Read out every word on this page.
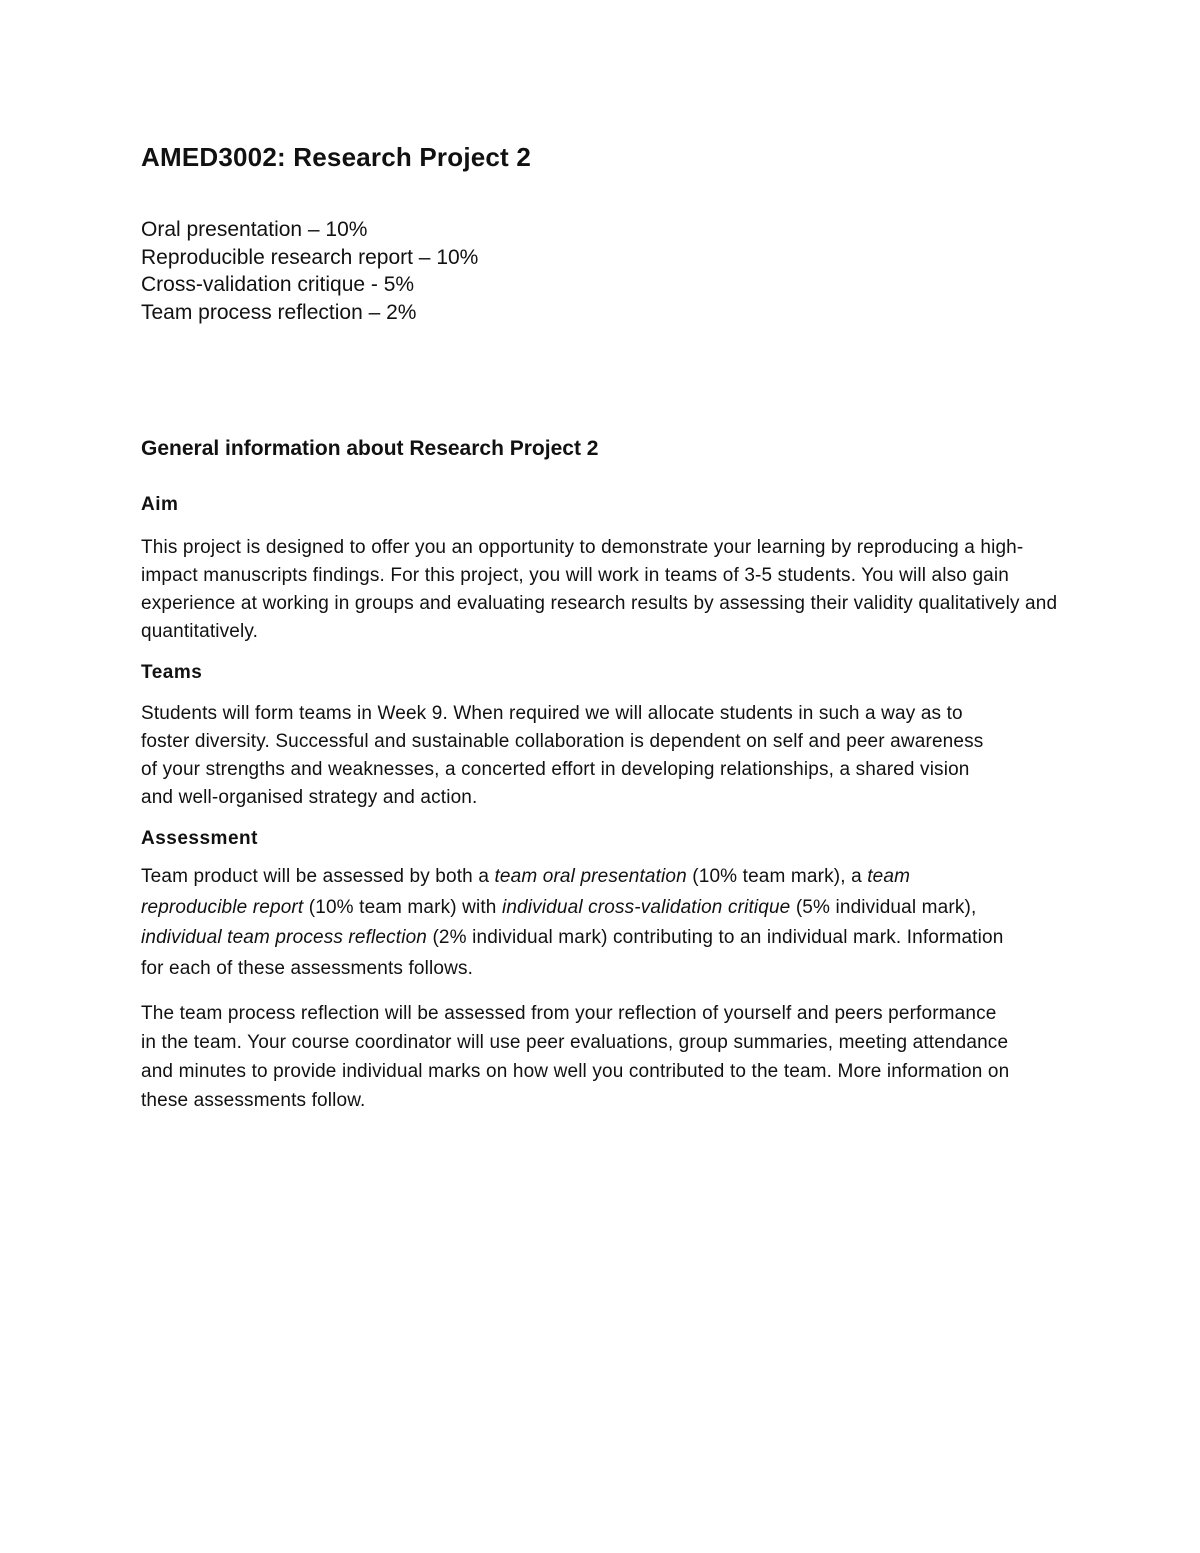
AMED3002: Research Project 2
Oral presentation – 10%
Reproducible research report – 10%
Cross-validation critique - 5%
Team process reflection – 2%
General information about Research Project 2
Aim

This project is designed to offer you an opportunity to demonstrate your learning by reproducing a high-impact manuscripts findings. For this project, you will work in teams of 3-5 students. You will also gain experience at working in groups and evaluating research results by assessing their validity qualitatively and quantitatively.

Teams

Students will form teams in Week 9. When required we will allocate students in such a way as to foster diversity. Successful and sustainable collaboration is dependent on self and peer awareness of your strengths and weaknesses, a concerted effort in developing relationships, a shared vision and well-organised strategy and action.

Assessment

Team product will be assessed by both a team oral presentation (10% team mark), a team reproducible report (10% team mark) with individual cross-validation critique (5% individual mark), individual team process reflection (2% individual mark) contributing to an individual mark. Information for each of these assessments follows.

The team process reflection will be assessed from your reflection of yourself and peers performance in the team. Your course coordinator will use peer evaluations, group summaries, meeting attendance and minutes to provide individual marks on how well you contributed to the team. More information on these assessments follow.
